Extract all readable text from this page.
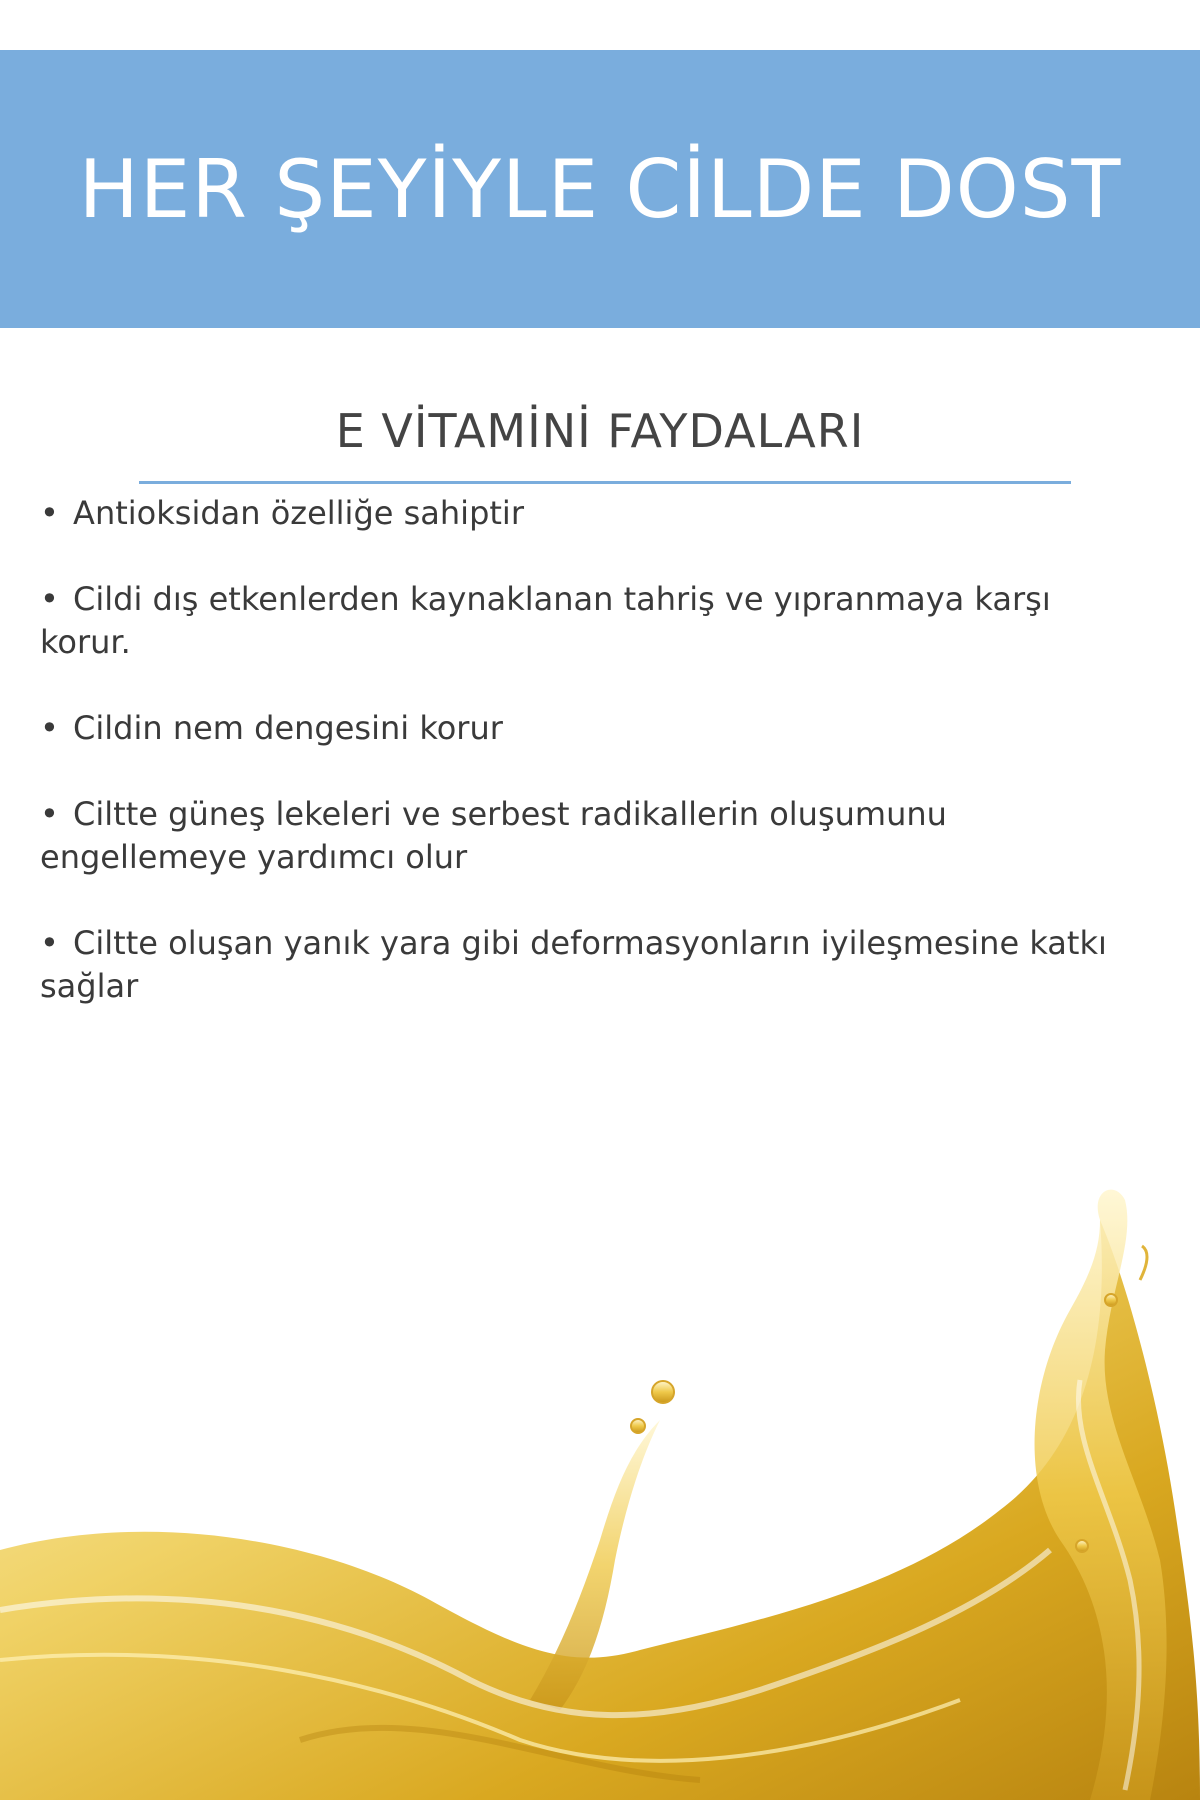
HER ŞEYİYLE CİLDE DOST
E VİTAMİNİ FAYDALARI
• Antioksidan özelliğe sahiptir
• Cildi dış etkenlerden kaynaklanan tahriş ve yıpranmaya karşı korur.
• Cildin nem dengesini korur
• Ciltte güneş lekeleri ve serbest radikallerin oluşumunu engellemeye yardımcı olur
• Ciltte oluşan yanık yara gibi deformasyonların iyileşmesine katkı sağlar
